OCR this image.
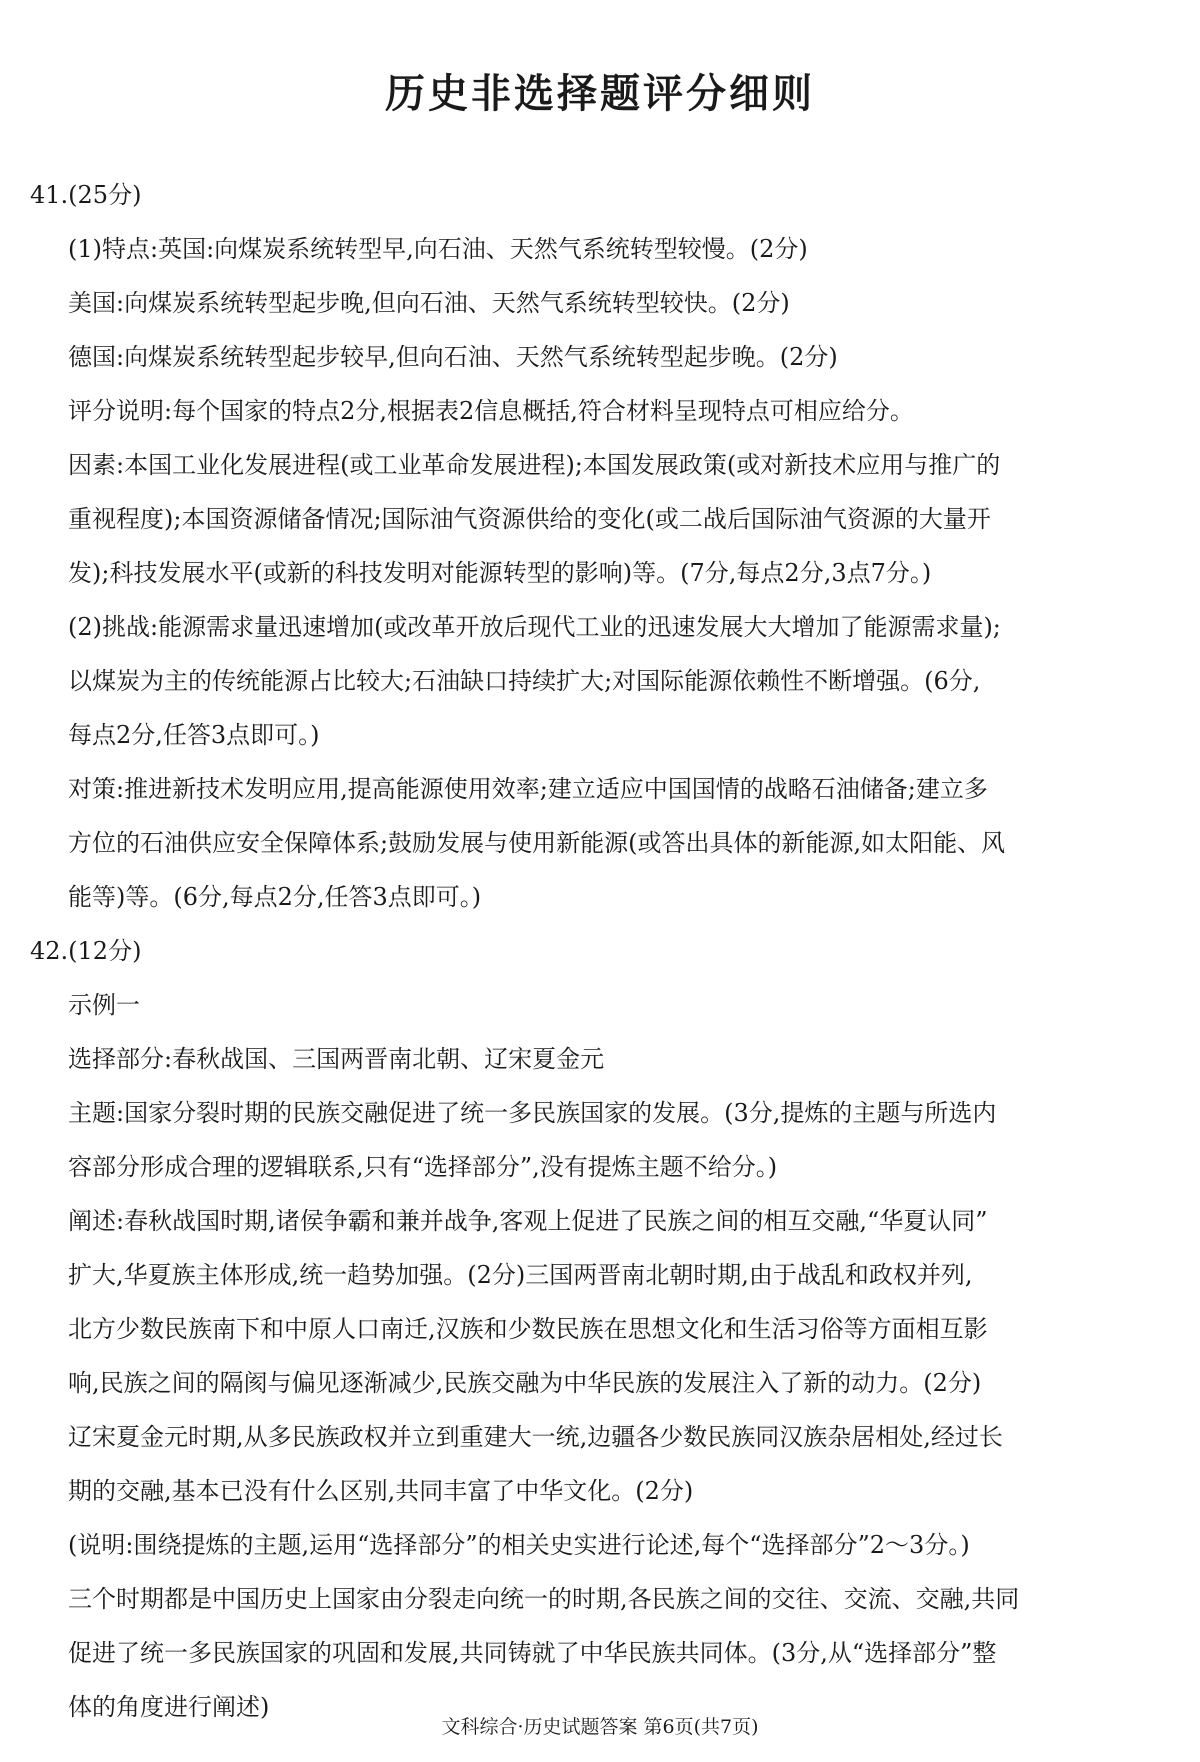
历史非选择题评分细则
41.(25分)
(1)特点:英国:向煤炭系统转型早,向石油、天然气系统转型较慢。(2分)
美国:向煤炭系统转型起步晚,但向石油、天然气系统转型较快。(2分)
德国:向煤炭系统转型起步较早,但向石油、天然气系统转型起步晚。(2分)
评分说明:每个国家的特点2分,根据表2信息概括,符合材料呈现特点可相应给分。
因素:本国工业化发展进程(或工业革命发展进程);本国发展政策(或对新技术应用与推广的
重视程度);本国资源储备情况;国际油气资源供给的变化(或二战后国际油气资源的大量开
发);科技发展水平(或新的科技发明对能源转型的影响)等。(7分,每点2分,3点7分。)
(2)挑战:能源需求量迅速增加(或改革开放后现代工业的迅速发展大大增加了能源需求量);
以煤炭为主的传统能源占比较大;石油缺口持续扩大;对国际能源依赖性不断增强。(6分,
每点2分,任答3点即可。)
对策:推进新技术发明应用,提高能源使用效率;建立适应中国国情的战略石油储备;建立多
方位的石油供应安全保障体系;鼓励发展与使用新能源(或答出具体的新能源,如太阳能、风
能等)等。(6分,每点2分,任答3点即可。)
42.(12分)
示例一
选择部分:春秋战国、三国两晋南北朝、辽宋夏金元
主题:国家分裂时期的民族交融促进了统一多民族国家的发展。(3分,提炼的主题与所选内
容部分形成合理的逻辑联系,只有“选择部分”,没有提炼主题不给分。)
阐述:春秋战国时期,诸侯争霸和兼并战争,客观上促进了民族之间的相互交融,“华夏认同”
扩大,华夏族主体形成,统一趋势加强。(2分)三国两晋南北朝时期,由于战乱和政权并列,
北方少数民族南下和中原人口南迁,汉族和少数民族在思想文化和生活习俗等方面相互影
响,民族之间的隔阂与偏见逐渐减少,民族交融为中华民族的发展注入了新的动力。(2分)
辽宋夏金元时期,从多民族政权并立到重建大一统,边疆各少数民族同汉族杂居相处,经过长
期的交融,基本已没有什么区别,共同丰富了中华文化。(2分)
(说明:围绕提炼的主题,运用“选择部分”的相关史实进行论述,每个“选择部分”2～3分。)
三个时期都是中国历史上国家由分裂走向统一的时期,各民族之间的交往、交流、交融,共同
促进了统一多民族国家的巩固和发展,共同铸就了中华民族共同体。(3分,从“选择部分”整
体的角度进行阐述)
文科综合·历史试题答案 第6页(共7页)
